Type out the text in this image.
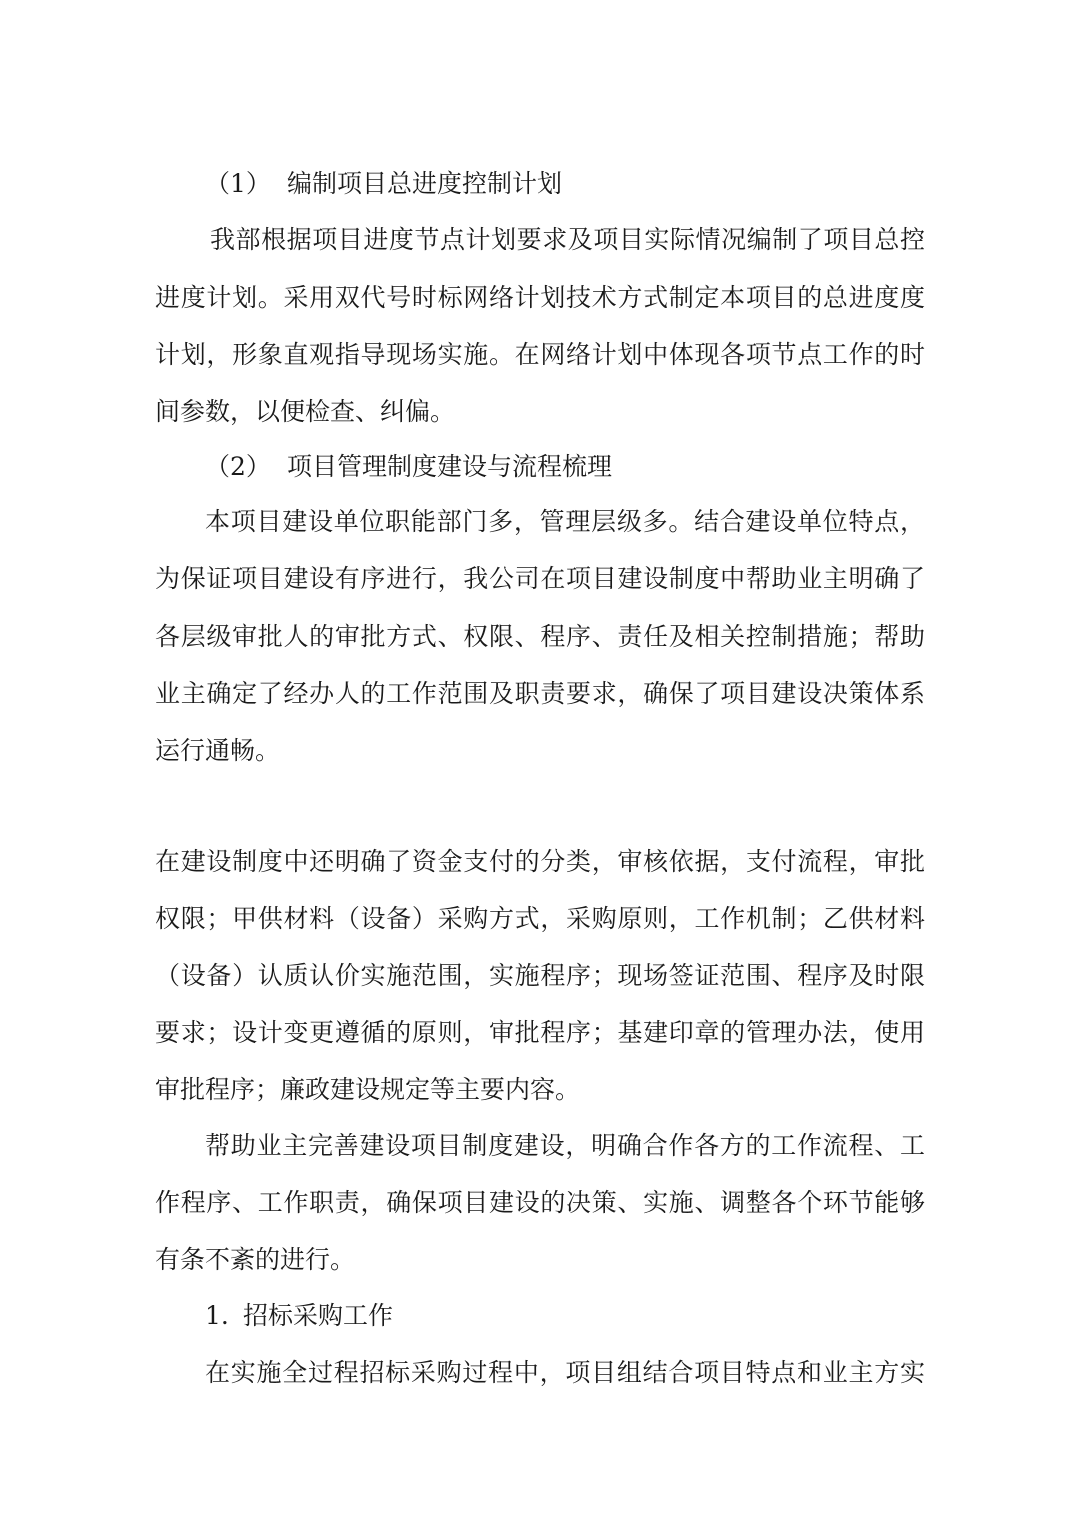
（1） 编制项目总进度控制计划
我部根据项目进度节点计划要求及项目实际情况编制了项目总控
进度计划。采用双代号时标网络计划技术方式制定本项目的总进度度
计划，形象直观指导现场实施。在网络计划中体现各项节点工作的时
间参数，以便检查、纠偏。
（2） 项目管理制度建设与流程梳理
本项目建设单位职能部门多，管理层级多。结合建设单位特点，
为保证项目建设有序进行，我公司在项目建设制度中帮助业主明确了
各层级审批人的审批方式、权限、程序、责任及相关控制措施；帮助
业主确定了经办人的工作范围及职责要求，确保了项目建设决策体系
运行通畅。
在建设制度中还明确了资金支付的分类，审核依据，支付流程，审批
权限；甲供材料（设备）采购方式，采购原则，工作机制；乙供材料
（设备）认质认价实施范围，实施程序；现场签证范围、程序及时限
要求；设计变更遵循的原则，审批程序；基建印章的管理办法，使用
审批程序；廉政建设规定等主要内容。
帮助业主完善建设项目制度建设，明确合作各方的工作流程、工
作程序、工作职责，确保项目建设的决策、实施、调整各个环节能够
有条不紊的进行。
1. 招标采购工作
在实施全过程招标采购过程中，项目组结合项目特点和业主方实
